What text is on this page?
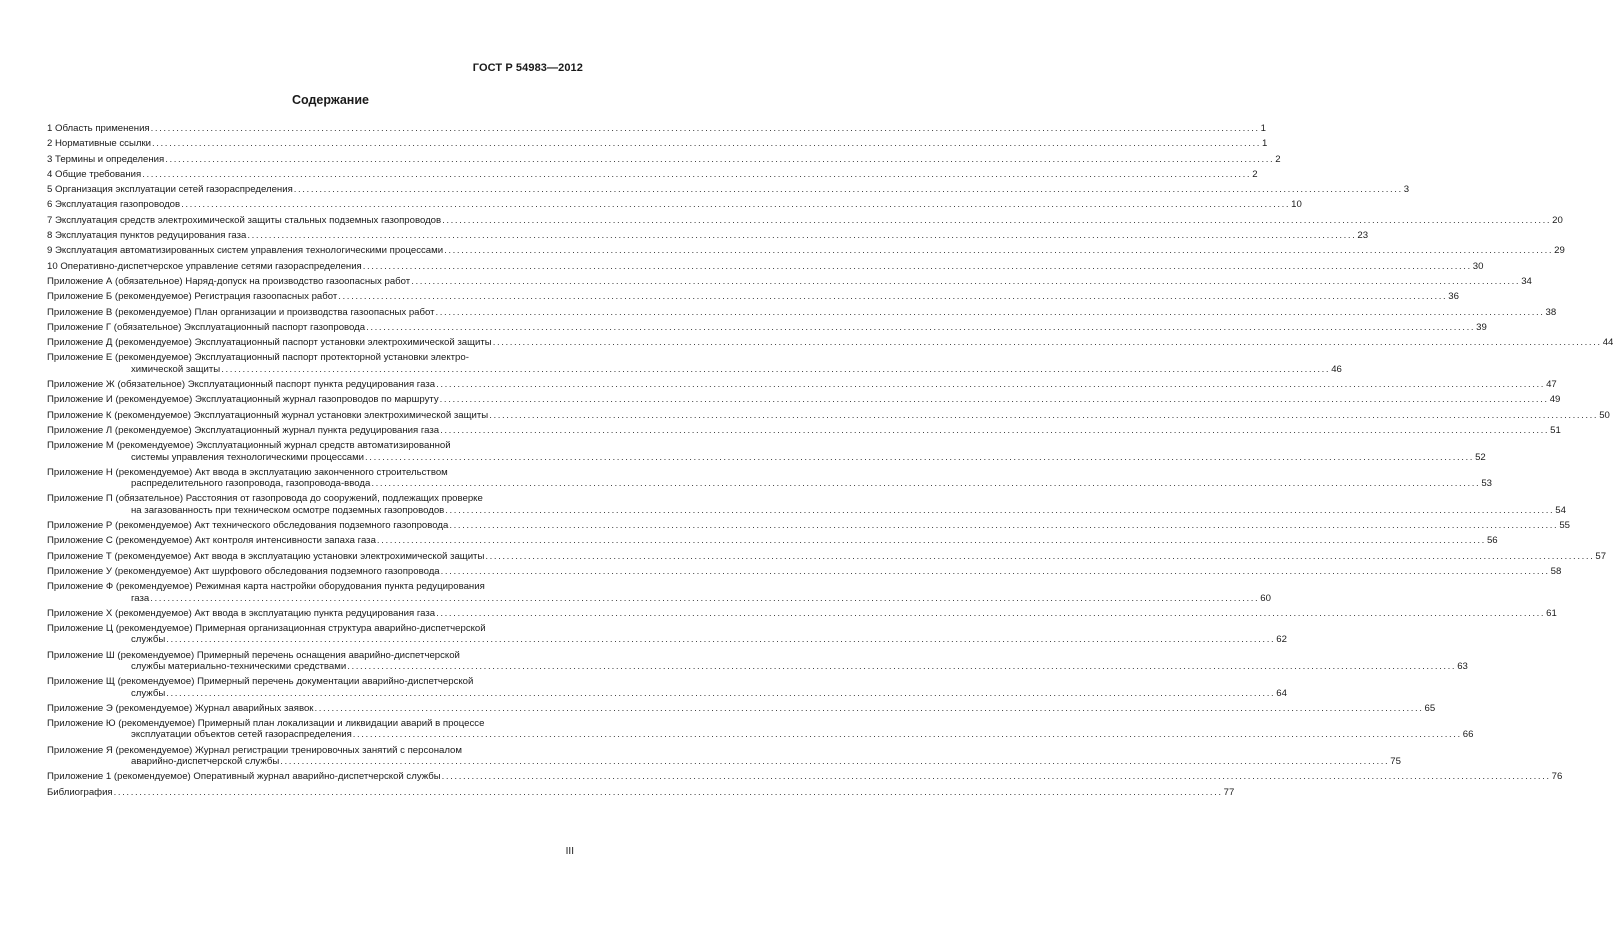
ГОСТ Р 54983—2012
Содержание
1 Область применения .................................................................................................................................................................................................................................................................... 1
2 Нормативные ссылки .................................................................................................................................................................................................................................................................... 1
3 Термины и определения .................................................................................................................................................................................................................................................................... 2
4 Общие требования .................................................................................................................................................................................................................................................................... 2
5 Организация эксплуатации сетей газораспределения .................................................................................................................................................................................................................................................................... 3
6 Эксплуатация газопроводов .................................................................................................................................................................................................................................................................... 10
7 Эксплуатация средств электрохимической защиты стальных подземных газопроводов .................................................................................................................................................................................................................................................................... 20
8 Эксплуатация пунктов редуцирования газа .................................................................................................................................................................................................................................................................... 23
9 Эксплуатация автоматизированных систем управления технологическими процессами .................................................................................................................................................................................................................................................................... 29
10 Оперативно-диспетчерское управление сетями газораспределения .................................................................................................................................................................................................................................................................... 30
Приложение А (обязательное) Наряд-допуск на производство газоопасных работ .................................................................................................................................................................................................................................................................... 34
Приложение Б (рекомендуемое) Регистрация газоопасных работ .................................................................................................................................................................................................................................................................... 36
Приложение В (рекомендуемое) План организации и производства газоопасных работ .................................................................................................................................................................................................................................................................... 38
Приложение Г (обязательное) Эксплуатационный паспорт газопровода .................................................................................................................................................................................................................................................................... 39
Приложение Д (рекомендуемое) Эксплуатационный паспорт установки электрохимической защиты .................................................................................................................................................................................................................................................................... 44
Приложение Е (рекомендуемое) Эксплуатационный паспорт протекторной установки электро-
химической защиты .................................................................................................................................................................................................................................................................... 46
Приложение Ж (обязательное) Эксплуатационный паспорт пункта редуцирования газа .................................................................................................................................................................................................................................................................... 47
Приложение И (рекомендуемое) Эксплуатационный журнал газопроводов по маршруту .................................................................................................................................................................................................................................................................... 49
Приложение К (рекомендуемое) Эксплуатационный журнал установки электрохимической защиты .................................................................................................................................................................................................................................................................... 50
Приложение Л (рекомендуемое) Эксплуатационный журнал пункта редуцирования газа .................................................................................................................................................................................................................................................................... 51
Приложение М (рекомендуемое) Эксплуатационный журнал средств автоматизированной
системы управления технологическими процессами .................................................................................................................................................................................................................................................................... 52
Приложение Н (рекомендуемое) Акт ввода в эксплуатацию законченного строительством
распределительного газопровода, газопровода-ввода .................................................................................................................................................................................................................................................................... 53
Приложение П (обязательное) Расстояния от газопровода до сооружений, подлежащих проверке
на загазованность при техническом осмотре подземных газопроводов .................................................................................................................................................................................................................................................................... 54
Приложение Р (рекомендуемое) Акт технического обследования подземного газопровода .................................................................................................................................................................................................................................................................... 55
Приложение С (рекомендуемое) Акт контроля интенсивности запаха газа .................................................................................................................................................................................................................................................................... 56
Приложение Т (рекомендуемое) Акт ввода в эксплуатацию установки электрохимической защиты .................................................................................................................................................................................................................................................................... 57
Приложение У (рекомендуемое) Акт шурфового обследования подземного газопровода .................................................................................................................................................................................................................................................................... 58
Приложение Ф (рекомендуемое) Режимная карта настройки оборудования пункта редуцирования
газа .................................................................................................................................................................................................................................................................... 60
Приложение Х (рекомендуемое) Акт ввода в эксплуатацию пункта редуцирования газа .................................................................................................................................................................................................................................................................... 61
Приложение Ц (рекомендуемое) Примерная организационная структура аварийно-диспетчерской
службы .................................................................................................................................................................................................................................................................... 62
Приложение Ш (рекомендуемое) Примерный перечень оснащения аварийно-диспетчерской
службы материально-техническими средствами .................................................................................................................................................................................................................................................................... 63
Приложение Щ (рекомендуемое) Примерный перечень документации аварийно-диспетчерской
службы .................................................................................................................................................................................................................................................................... 64
Приложение Э (рекомендуемое) Журнал аварийных заявок .................................................................................................................................................................................................................................................................... 65
Приложение Ю (рекомендуемое) Примерный план локализации и ликвидации аварий в процессе
эксплуатации объектов сетей газораспределения .................................................................................................................................................................................................................................................................... 66
Приложение Я (рекомендуемое) Журнал регистрации тренировочных занятий с персоналом
аварийно-диспетчерской службы .................................................................................................................................................................................................................................................................... 75
Приложение 1 (рекомендуемое) Оперативный журнал аварийно-диспетчерской службы .................................................................................................................................................................................................................................................................... 76
Библиография .................................................................................................................................................................................................................................................................... 77
III
